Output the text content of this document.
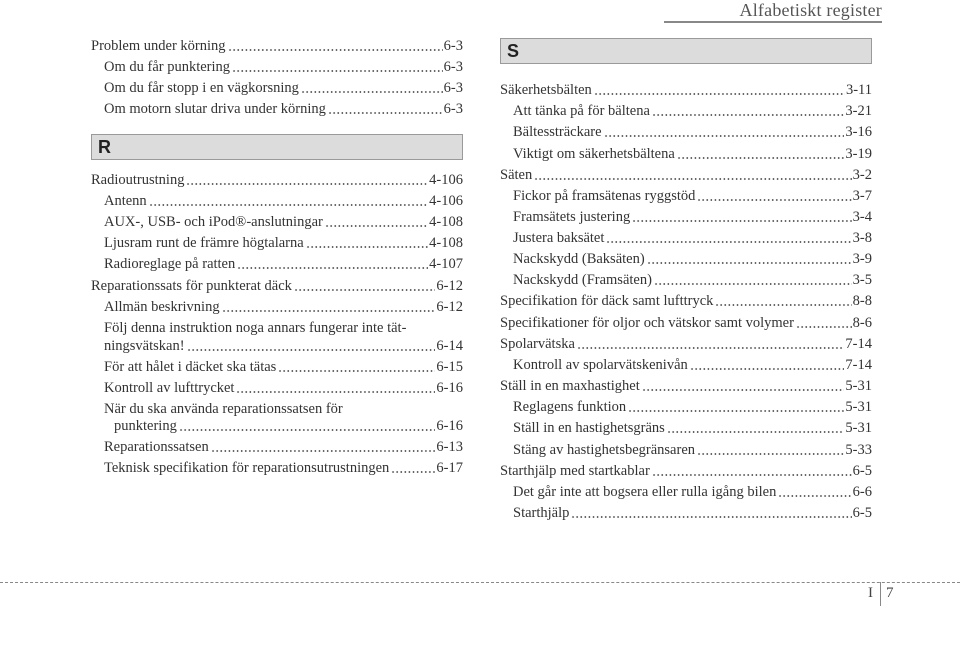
Alfabetiskt register
Problem under körning	6-3
Om du får punktering	6-3
Om du får stopp i en vägkorsning	6-3
Om motorn slutar driva under körning	6-3
R
Radioutrustning	4-106
Antenn	4-106
AUX-, USB- och iPod®-anslutningar	4-108
Ljusram runt de främre högtalarna	4-108
Radioreglage på ratten	4-107
Reparationssats för punkterat däck	6-12
Allmän beskrivning	6-12
Följ denna instruktion noga annars fungerar inte tät-
ningsvätskan!	6-14
För att hålet i däcket ska tätas	6-15
Kontroll av lufttrycket	6-16
När du ska använda reparationssatsen för
punktering	6-16
Reparationssatsen	6-13
Teknisk specifikation för reparationsutrustningen	6-17
S
Säkerhetsbälten	3-11
Att tänka på för bältena	3-21
Bältessträckare	3-16
Viktigt om säkerhetsbältena	3-19
Säten	3-2
Fickor på framsätenas ryggstöd	3-7
Framsätets justering	3-4
Justera baksätet	3-8
Nackskydd (Baksäten)	3-9
Nackskydd (Framsäten)	3-5
Specifikation för däck samt lufttryck	8-8
Specifikationer för oljor och vätskor samt volymer	8-6
Spolarvätska	7-14
Kontroll av spolarvätskenivån	7-14
Ställ in en maxhastighet	5-31
Reglagens funktion	5-31
Ställ in en hastighetsgräns	5-31
Stäng av hastighetsbegränsaren	5-33
Starthjälp med startkablar	6-5
Det går inte att bogsera eller rulla igång bilen	6-6
Starthjälp	6-5
I 7
